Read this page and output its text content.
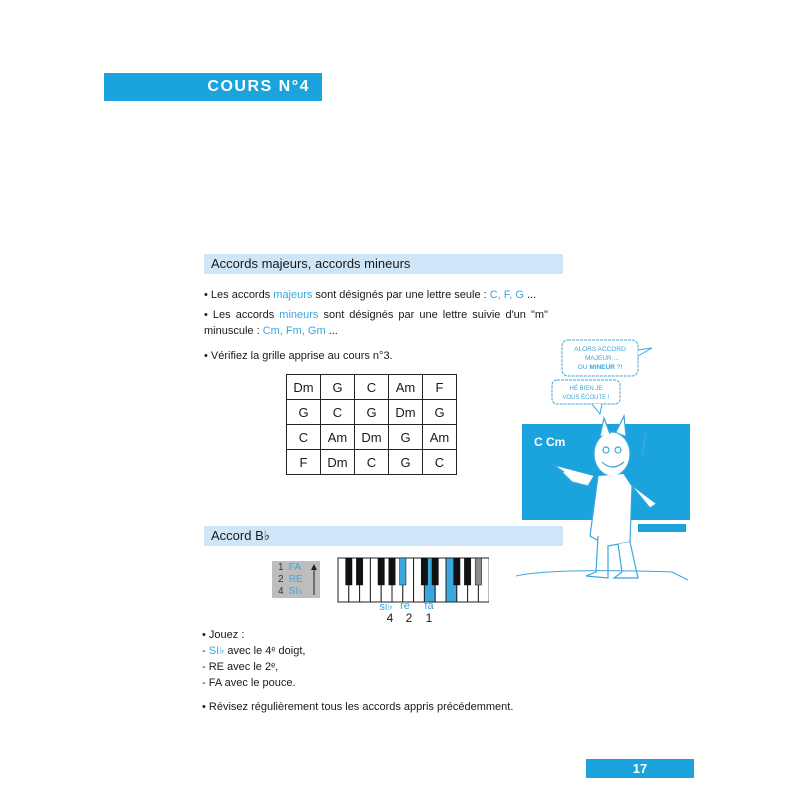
COURS N°4
Accords majeurs, accords mineurs
• Les accords majeurs sont désignés par une lettre seule : C, F, G ...
• Les accords mineurs sont désignés par une lettre suivie d'un "m"
minuscule : Cm, Fm, Gm ...
• Vérifiez la grille apprise au cours n°3.
Dm	G	C	Am	F
G	C	G	Dm	G
C	Am	Dm	G	Am
F	Dm	C	G	C
ALORS ACCORD
MAJEUR ...
OU MINEUR ?!
HÉ BIEN JE
VOUS ÉCOUTE !
C Cm
Accord B♭
1 FA
2 RE
4 SI♭
si♭ ré	fa
4	2	1
• Jouez :
- SI♭ avec le 4ᵉ doigt,
- RE avec le 2ᵉ,
- FA avec le pouce.
• Révisez régulièrement tous les accords appris précédemment.
17
